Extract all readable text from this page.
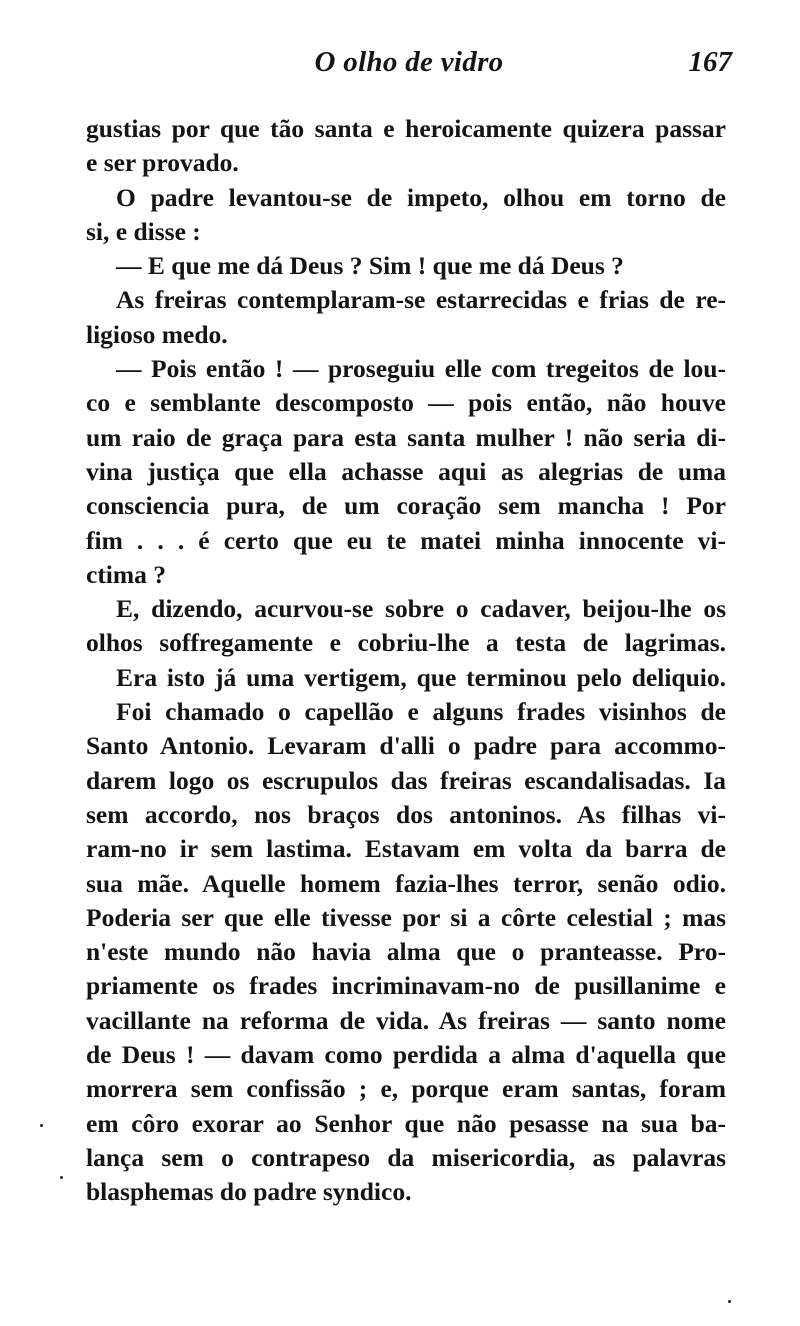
O olho de vidro	167
gustias por que tão santa e heroicamente quizera passar
e ser provado.
O padre levantou-se de impeto, olhou em torno de
si, e disse :
— E que me dá Deus ? Sim ! que me dá Deus ?
As freiras contemplaram-se estarrecidas e frias de re-
ligioso medo.
— Pois então ! — proseguiu elle com tregeitos de lou-
co e semblante descomposto — pois então, não houve
um raio de graça para esta santa mulher ! não seria di-
vina justiça que ella achasse aqui as alegrias de uma
consciencia pura, de um coração sem mancha ! Por
fim . . . é certo que eu te matei minha innocente vi-
ctima ?
E, dizendo, acurvou-se sobre o cadaver, beijou-lhe os
olhos soffregamente e cobriu-lhe a testa de lagrimas.
Era isto já uma vertigem, que terminou pelo deliquio.
Foi chamado o capellão e alguns frades visinhos de
Santo Antonio. Levaram d'alli o padre para accommo-
darem logo os escrupulos das freiras escandalisadas. Ia
sem accordo, nos braços dos antoninos. As filhas vi-
ram-no ir sem lastima. Estavam em volta da barra de
sua mãe. Aquelle homem fazia-lhes terror, senão odio.
Poderia ser que elle tivesse por si a côrte celestial ; mas
n'este mundo não havia alma que o pranteasse. Pro-
priamente os frades incriminavam-no de pusillanime e
vacillante na reforma de vida. As freiras — santo nome
de Deus ! — davam como perdida a alma d'aquella que
morrera sem confissão ; e, porque eram santas, foram
em côro exorar ao Senhor que não pesasse na sua ba-
lança sem o contrapeso da misericordia, as palavras
blasphemas do padre syndico.
